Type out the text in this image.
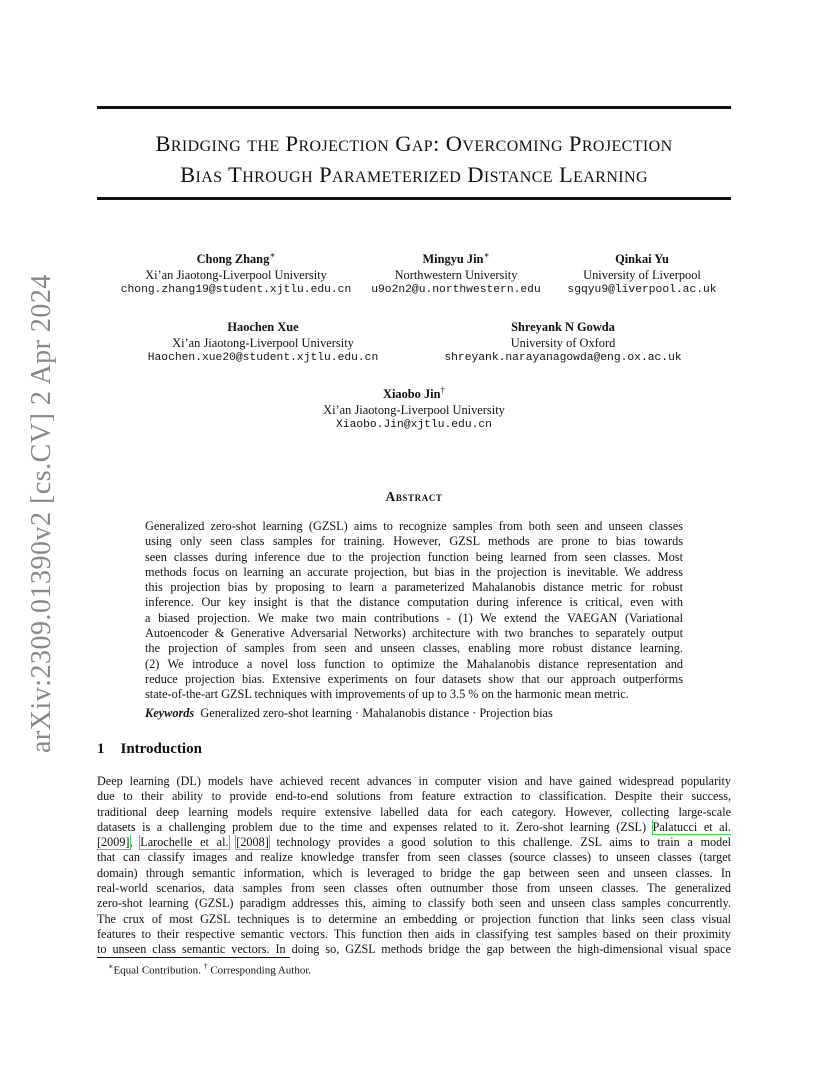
arXiv:2309.01390v2 [cs.CV] 2 Apr 2024
Bridging the Projection Gap: Overcoming Projection
Bias Through Parameterized Distance Learning
Chong Zhang∗
Xi’an Jiaotong-Liverpool University
chong.zhang19@student.xjtlu.edu.cn
Mingyu Jin∗
Northwestern University
u9o2n2@u.northwestern.edu
Qinkai Yu
University of Liverpool
sgqyu9@liverpool.ac.uk
Haochen Xue
Xi’an Jiaotong-Liverpool University
Haochen.xue20@student.xjtlu.edu.cn
Shreyank N Gowda
University of Oxford
shreyank.narayanagowda@eng.ox.ac.uk
Xiaobo Jin†
Xi’an Jiaotong-Liverpool University
Xiaobo.Jin@xjtlu.edu.cn
Abstract
Generalized zero-shot learning (GZSL) aims to recognize samples from both seen and unseen classes
using only seen class samples for training. However, GZSL methods are prone to bias towards
seen classes during inference due to the projection function being learned from seen classes. Most
methods focus on learning an accurate projection, but bias in the projection is inevitable. We address
this projection bias by proposing to learn a parameterized Mahalanobis distance metric for robust
inference. Our key insight is that the distance computation during inference is critical, even with
a biased projection. We make two main contributions - (1) We extend the VAEGAN (Variational
Autoencoder & Generative Adversarial Networks) architecture with two branches to separately output
the projection of samples from seen and unseen classes, enabling more robust distance learning.
(2) We introduce a novel loss function to optimize the Mahalanobis distance representation and
reduce projection bias. Extensive experiments on four datasets show that our approach outperforms
state-of-the-art GZSL techniques with improvements of up to 3.5 % on the harmonic mean metric.
Keywords Generalized zero-shot learning · Mahalanobis distance · Projection bias
1 Introduction
Deep learning (DL) models have achieved recent advances in computer vision and have gained widespread popularity
due to their ability to provide end-to-end solutions from feature extraction to classification. Despite their success,
traditional deep learning models require extensive labelled data for each category. However, collecting large-scale
datasets is a challenging problem due to the time and expenses related to it. Zero-shot learning (ZSL) Palatucci et al.
[2009], Larochelle et al. [2008] technology provides a good solution to this challenge. ZSL aims to train a model
that can classify images and realize knowledge transfer from seen classes (source classes) to unseen classes (target
domain) through semantic information, which is leveraged to bridge the gap between seen and unseen classes. In
real-world scenarios, data samples from seen classes often outnumber those from unseen classes. The generalized
zero-shot learning (GZSL) paradigm addresses this, aiming to classify both seen and unseen class samples concurrently.
The crux of most GZSL techniques is to determine an embedding or projection function that links seen class visual
features to their respective semantic vectors. This function then aids in classifying test samples based on their proximity
to unseen class semantic vectors. In doing so, GZSL methods bridge the gap between the high-dimensional visual space
∗Equal Contribution. † Corresponding Author.
